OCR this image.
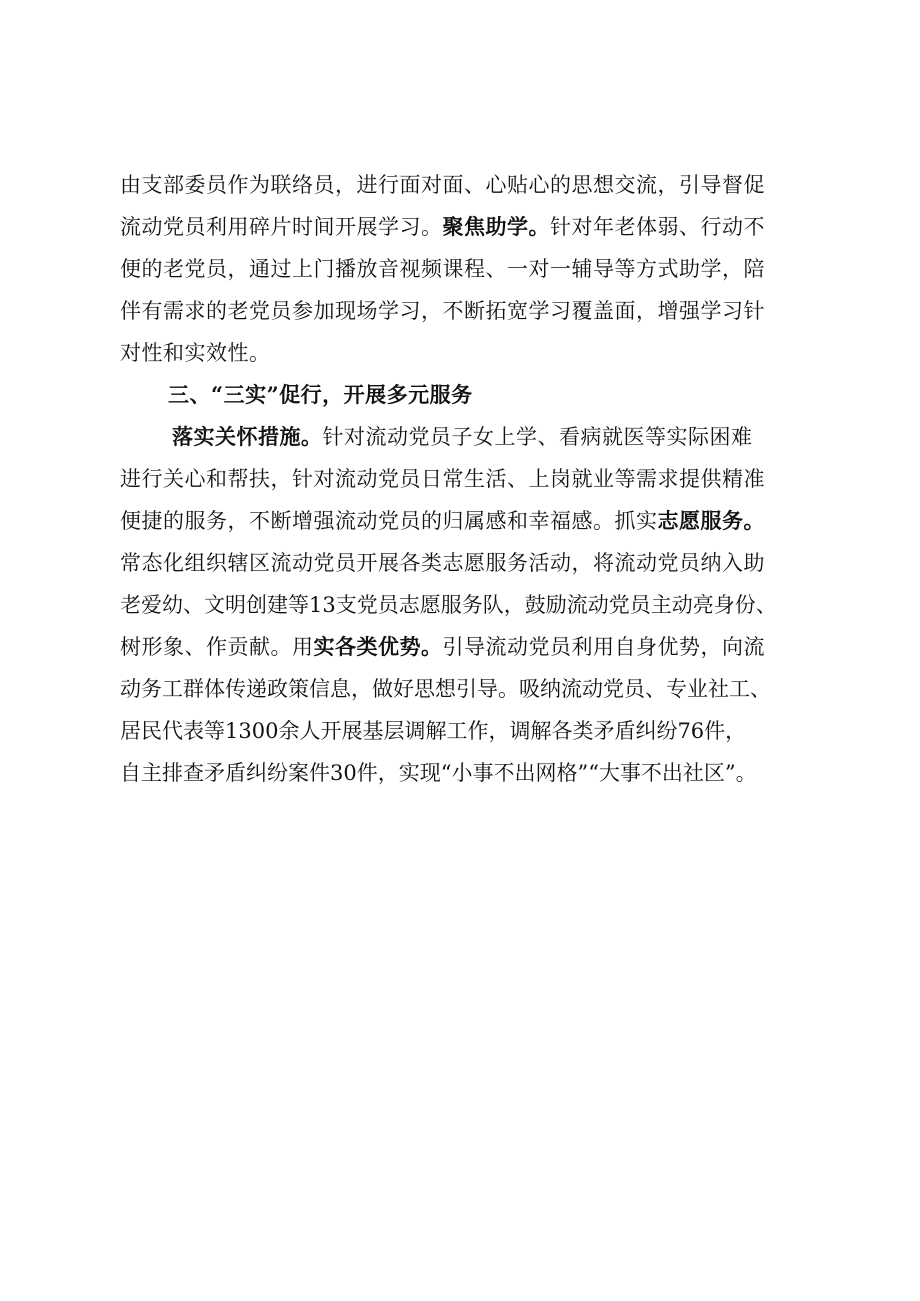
由支部委员作为联络员，进行面对面、心贴心的思想交流，引导督促
流动党员利用碎片时间开展学习。聚焦助学。针对年老体弱、行动不
便的老党员，通过上门播放音视频课程、一对一辅导等方式助学，陪
伴有需求的老党员参加现场学习，不断拓宽学习覆盖面，增强学习针
对性和实效性。
三、“三实”促行，开展多元服务
落实关怀措施。针对流动党员子女上学、看病就医等实际困难
进行关心和帮扶，针对流动党员日常生活、上岗就业等需求提供精准
便捷的服务，不断增强流动党员的归属感和幸福感。抓实志愿服务。
常态化组织辖区流动党员开展各类志愿服务活动，将流动党员纳入助
老爱幼、文明创建等13支党员志愿服务队，鼓励流动党员主动亮身份、
树形象、作贡献。用实各类优势。引导流动党员利用自身优势，向流
动务工群体传递政策信息，做好思想引导。吸纳流动党员、专业社工、
居民代表等1300余人开展基层调解工作，调解各类矛盾纠纷76件，
自主排查矛盾纠纷案件30件，实现“小事不出网格”“大事不出社区”。
